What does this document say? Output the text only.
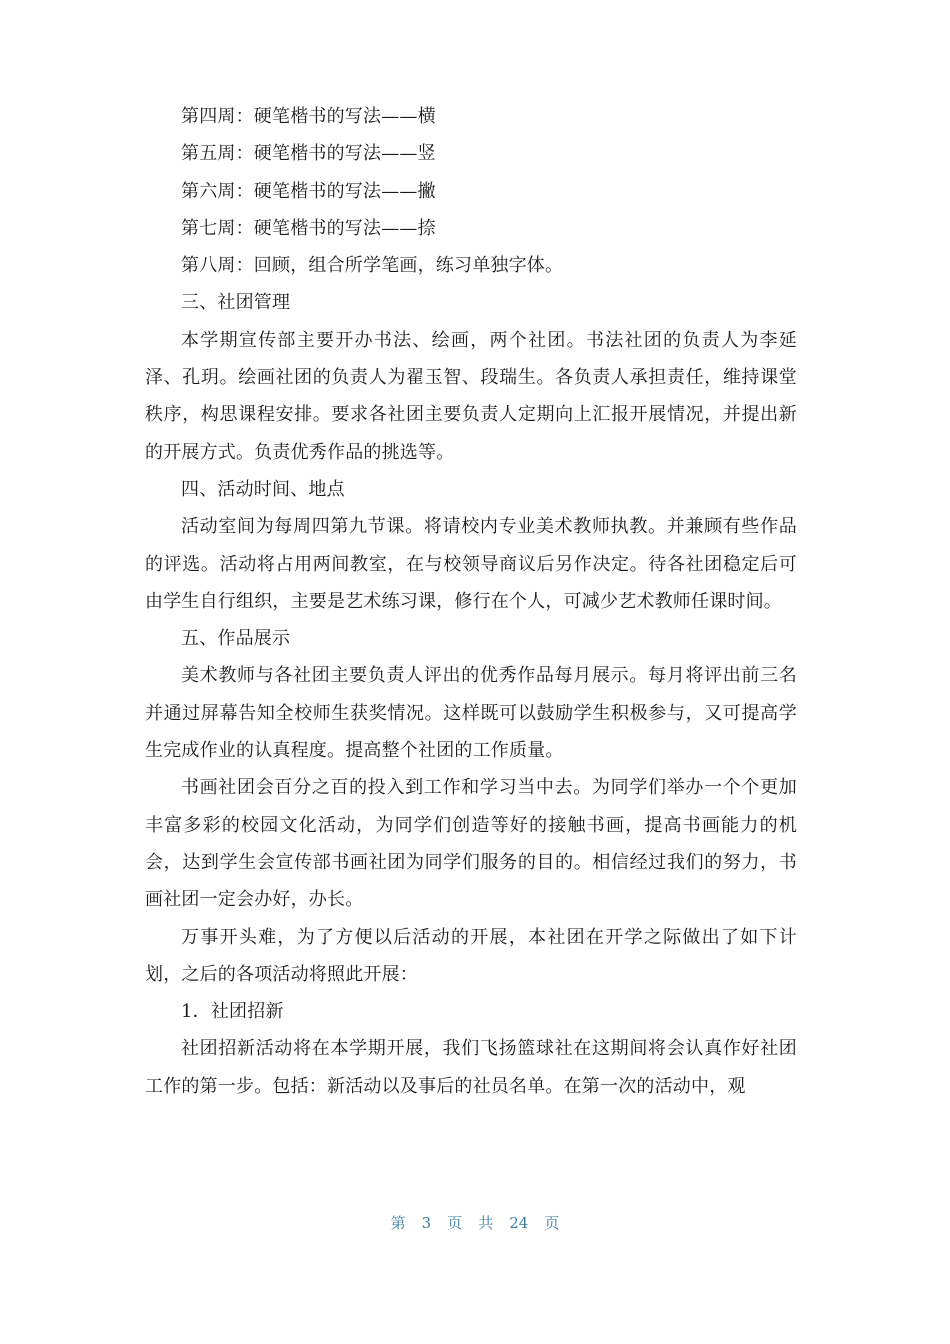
第四周：硬笔楷书的写法——横

第五周：硬笔楷书的写法——竖

第六周：硬笔楷书的写法——撇

第七周：硬笔楷书的写法——捺

第八周：回顾，组合所学笔画，练习单独字体。

三、社团管理

本学期宣传部主要开办书法、绘画，两个社团。书法社团的负责人为李延泽、孔玥。绘画社团的负责人为翟玉智、段瑞生。各负责人承担责任，维持课堂秩序，构思课程安排。要求各社团主要负责人定期向上汇报开展情况，并提出新的开展方式。负责优秀作品的挑选等。

四、活动时间、地点

活动室间为每周四第九节课。将请校内专业美术教师执教。并兼顾有些作品的评选。活动将占用两间教室，在与校领导商议后另作决定。待各社团稳定后可由学生自行组织，主要是艺术练习课，修行在个人，可减少艺术教师任课时间。

五、作品展示

美术教师与各社团主要负责人评出的优秀作品每月展示。每月将评出前三名并通过屏幕告知全校师生获奖情况。这样既可以鼓励学生积极参与，又可提高学生完成作业的认真程度。提高整个社团的工作质量。

书画社团会百分之百的投入到工作和学习当中去。为同学们举办一个个更加丰富多彩的校园文化活动，为同学们创造等好的接触书画，提高书画能力的机会，达到学生会宣传部书画社团为同学们服务的目的。相信经过我们的努力，书画社团一定会办好，办长。

万事开头难，为了方便以后活动的开展，本社团在开学之际做出了如下计划，之后的各项活动将照此开展：

1．社团招新

社团招新活动将在本学期开展，我们飞扬篮球社在这期间将会认真作好社团工作的第一步。包括：新活动以及事后的社员名单。在第一次的活动中，观

第 3 页 共 24 页
